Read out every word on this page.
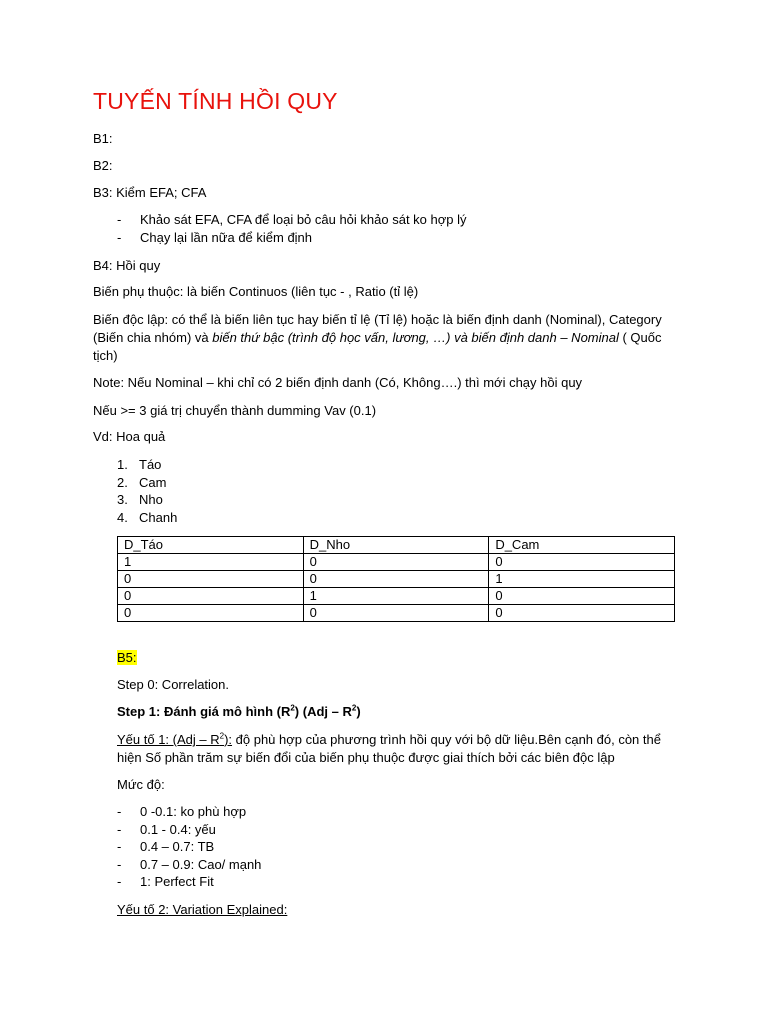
TUYẾN TÍNH HỒI QUY

B1:

B2:

B3: Kiểm EFA; CFA

- Khảo sát EFA, CFA để loại bỏ câu hỏi khảo sát ko hợp lý
- Chạy lại lần nữa để kiểm định

B4: Hồi quy

Biến phụ thuộc: là biến Continuos (liên tục - , Ratio (tỉ lệ)

Biến độc lập: có thể là biến liên tục hay biến tỉ lệ (Tỉ lệ) hoặc là biến định danh (Nominal), Category (Biến chia nhóm) và biến thứ bậc (trình độ học vấn, lương, …) và biến định danh – Nominal ( Quốc tịch)

Note: Nếu Nominal – khi chỉ có 2 biến định danh (Có, Không….) thì mới chạy hồi quy

Nếu >= 3 giá trị chuyển thành dumming Vav (0.1)

Vd: Hoa quả

1. Táo
2. Cam
3. Nho
4. Chanh
D_Táo	D_Nho	D_Cam
1	0	0
0	0	1
0	1	0
0	0	0

B5:

Step 0: Correlation.

Step 1: Đánh giá mô hình $(R^2)$ $(Adj - R^2)$

Yếu tố 1: $(Adj - R^2)$: độ phù hợp của phương trình hồi quy với bộ dữ liệu.Bên cạnh đó, còn thể hiện Số phần trăm sự biến đổi của biến phụ thuộc được giai thích bởi các biên độc lập

Mức độ:

- 0 -0.1: ko phù hợp
- 0.1 - 0.4: yếu
- 0.4 – 0.7: TB
- 0.7 – 0.9: Cao/ mạnh
- 1: Perfect Fit

Yếu tố 2: Variation Explained:
